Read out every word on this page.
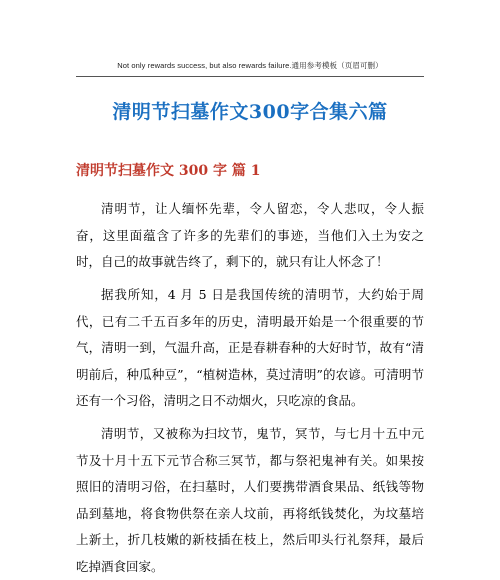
Not only rewards success, but also rewards failure.通用参考模板（页眉可删）
清明节扫墓作文300字合集六篇
清明节扫墓作文 300 字 篇 1
清明节，让人缅怀先辈，令人留恋，令人悲叹，令人振奋，这里面蕴含了许多的先辈们的事迹，当他们入土为安之时，自己的故事就告终了，剩下的，就只有让人怀念了！
据我所知，4 月 5 日是我国传统的清明节，大约始于周代，已有二千五百多年的历史，清明最开始是一个很重要的节气，清明一到，气温升高，正是春耕春种的大好时节，故有“清明前后，种瓜种豆”，“植树造林，莫过清明”的农谚。可清明节还有一个习俗，清明之日不动烟火，只吃凉的食品。
清明节，又被称为扫坟节，鬼节，冥节，与七月十五中元节及十月十五下元节合称三冥节，都与祭祀鬼神有关。如果按照旧的清明习俗，在扫墓时，人们要携带酒食果品、纸钱等物品到墓地，将食物供祭在亲人坟前，再将纸钱焚化，为坟墓培上新土，折几枝嫩的新枝插在枝上，然后叩头行礼祭拜，最后吃掉酒食回家。
